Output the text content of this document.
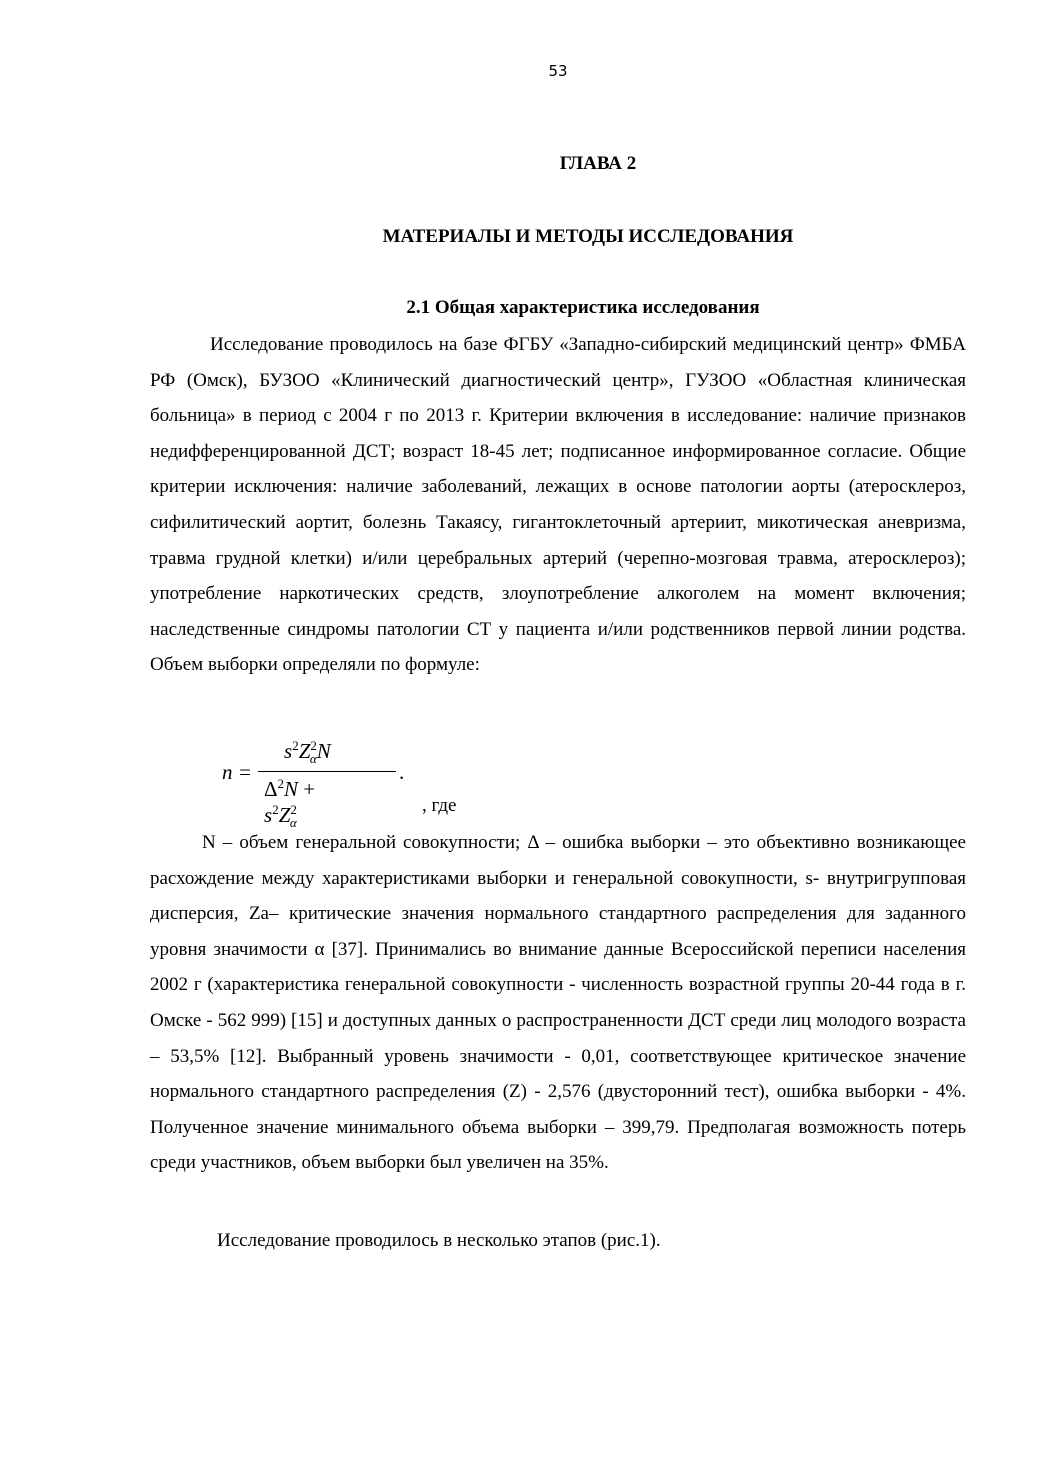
53
ГЛАВА 2
МАТЕРИАЛЫ И МЕТОДЫ ИССЛЕДОВАНИЯ
2.1 Общая характеристика исследования

Исследование проводилось на базе ФГБУ «Западно-сибирский медицинский центр» ФМБА РФ (Омск), БУЗОО «Клинический диагностический центр», ГУЗОО «Областная клиническая больница» в период с 2004 г по 2013 г. Критерии включения в исследование: наличие признаков недифференцированной ДСТ; возраст 18-45 лет; подписанное информированное согласие. Общие критерии исключения: наличие заболеваний, лежащих в основе патологии аорты (атеросклероз, сифилитический аортит, болезнь Такаясу, гигантоклеточный артериит, микотическая аневризма, травма грудной клетки) и/или церебральных артерий (черепно-мозговая травма, атеросклероз); употребление наркотических средств, злоупотребление алкоголем на момент включения; наследственные синдромы патологии СТ у пациента и/или родственников первой линии родства. Объем выборки определяли по формуле:

n =
$s^2Z^2_\alpha N$
$\Delta^2N + s^2Z^2_\alpha$
.
, где

N – объем генеральной совокупности; Δ – ошибка выборки – это объективно возникающее расхождение между характеристиками выборки и генеральной совокупности, s- внутригрупповая дисперсия, Zа– критические значения нормального стандартного распределения для заданного уровня значимости α [37]. Принимались во внимание данные Всероссийской переписи населения 2002 г (характеристика генеральной совокупности - численность возрастной группы 20-44 года в г. Омске - 562 999) [15] и доступных данных о распространенности ДСТ среди лиц молодого возраста – 53,5% [12]. Выбранный уровень значимости - 0,01, соответствующее критическое значение нормального стандартного распределения (Z) - 2,576 (двусторонний тест), ошибка выборки - 4%. Полученное значение минимального объема выборки – 399,79. Предполагая возможность потерь среди участников, объем выборки был увеличен на 35%.

Исследование проводилось в несколько этапов (рис.1).
